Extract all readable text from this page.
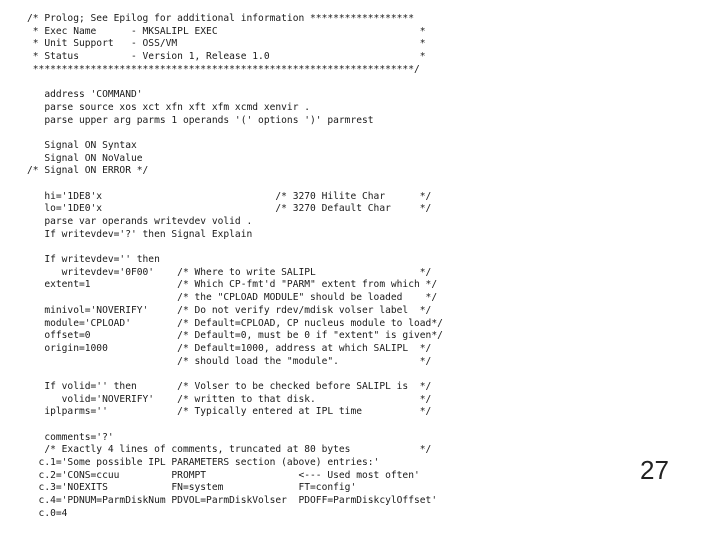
/* Prolog; See Epilog for additional information ******************
* Exec Name      - MKSALIPL EXEC                                   *
* Unit Support   - OSS/VM                                          *
* Status         - Version 1, Release 1.0                          *
******************************************************************/

address 'COMMAND'
parse source xos xct xfn xft xfm xcmd xenvir .
parse upper arg parms 1 operands '(' options ')' parmrest

Signal ON Syntax
Signal ON NoValue
/* Signal ON ERROR */

hi='1DE8'x                              /* 3270 Hilite Char      */
lo='1DE0'x                              /* 3270 Default Char     */
parse var operands writevdev volid .
If writevdev='?' then Signal Explain

If writevdev='' then
writevdev='0F00'    /* Where to write SALIPL                  */
extent=1               /* Which CP-fmt'd "PARM" extent from which */
/* the "CPLOAD MODULE" should be loaded    */
minivol='NOVERIFY'     /* Do not verify rdev/mdisk volser label  */
module='CPLOAD'        /* Default=CPLOAD, CP nucleus module to load*/
offset=0               /* Default=0, must be 0 if "extent" is given*/
origin=1000            /* Default=1000, address at which SALIPL  */
/* should load the "module".              */

If volid='' then       /* Volser to be checked before SALIPL is  */
volid='NOVERIFY'    /* written to that disk.                  */
iplparms=''            /* Typically entered at IPL time          */

comments='?'
/* Exactly 4 lines of comments, truncated at 80 bytes            */
c.1='Some possible IPL PARAMETERS section (above) entries:'
c.2='CONS=ccuu         PROMPT                <--- Used most often'
c.3='NOEXITS           FN=system             FT=config'
c.4='PDNUM=ParmDiskNum PDVOL=ParmDiskVolser  PDOFF=ParmDiskcylOffset'
c.0=4
27
